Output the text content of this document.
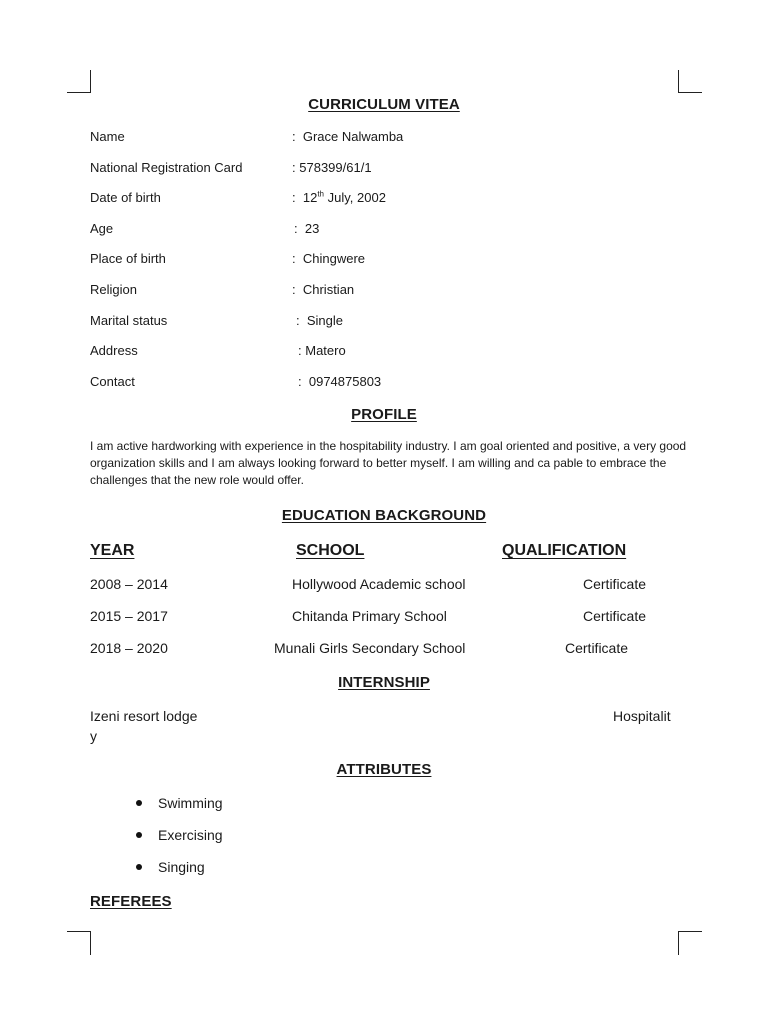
CURRICULUM VITEA
Name	: Grace Nalwamba
National Registration Card	: 578399/61/1
Date of birth	: 12th July, 2002
Age	: 23
Place of birth	: Chingwere
Religion	: Christian
Marital status	: Single
Address	: Matero
Contact	: 0974875803
PROFILE
I am active hardworking with experience in the hospitability industry. I am goal oriented and positive, a very good organization skills and I am always looking forward to better myself. I am willing and ca pable to embrace the challenges that the new role would offer.
EDUCATION BACKGROUND
YEAR	SCHOOL	QUALIFICATION
2008 – 2014	Hollywood Academic school	Certificate
2015 – 2017	Chitanda Primary School	Certificate
2018 – 2020	Munali Girls Secondary School	Certificate
INTERNSHIP
Izeni resort lodge	Hospitalit
y
ATTRIBUTES
Swimming
Exercising
Singing
REFEREES
